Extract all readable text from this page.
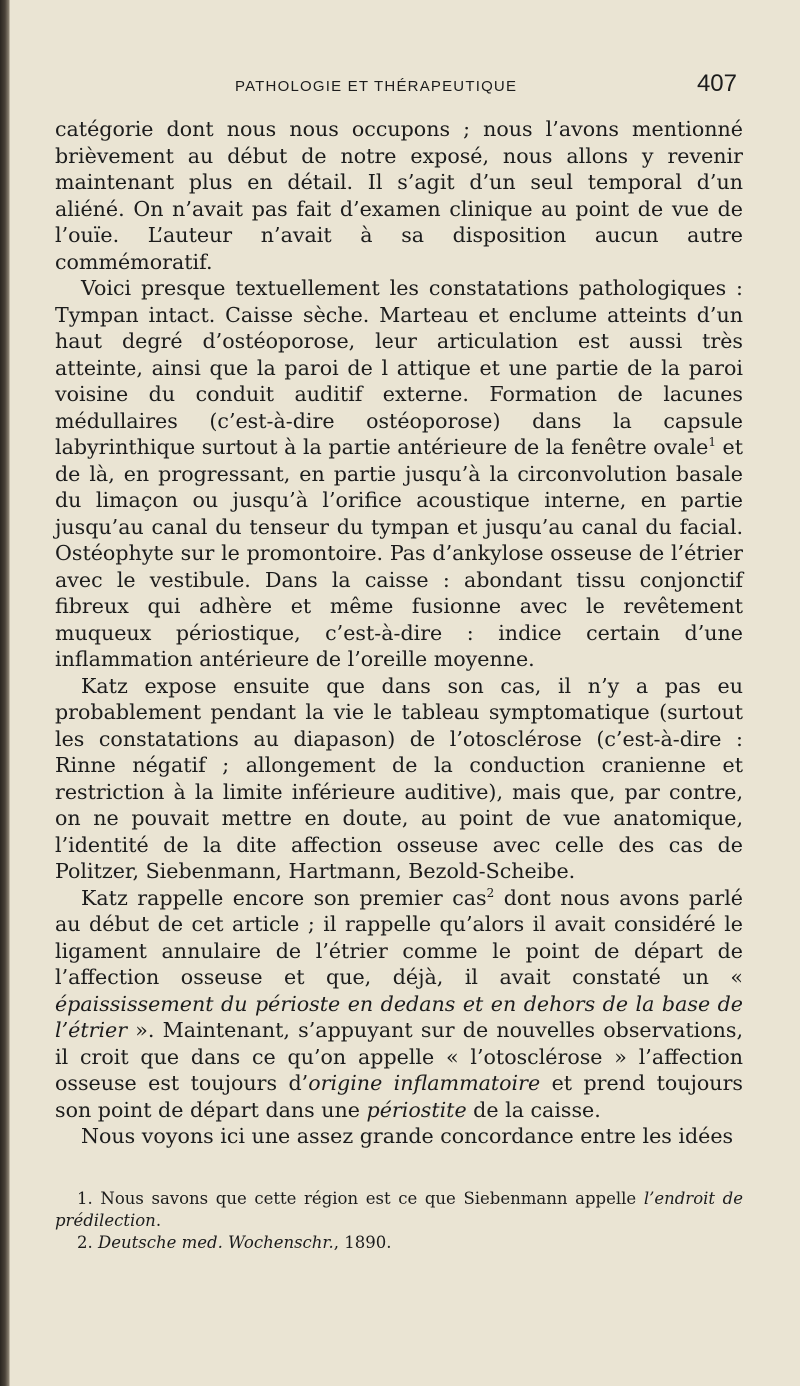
PATHOLOGIE ET THÉRAPEUTIQUE	407

catégorie dont nous nous occupons ; nous l’avons mentionné brièvement au début de notre exposé, nous allons y revenir maintenant plus en détail. Il s’agit d’un seul temporal d’un aliéné. On n’avait pas fait d’examen clinique au point de vue de l’ouïe. L’auteur n’avait à sa disposition aucun autre commémoratif.

Voici presque textuellement les constatations pathologiques : Tympan intact. Caisse sèche. Marteau et enclume atteints d’un haut degré d’ostéoporose, leur articulation est aussi très atteinte, ainsi que la paroi de l attique et une partie de la paroi voisine du conduit auditif externe. Formation de lacunes médullaires (c’est-à-dire ostéoporose) dans la capsule labyrinthique surtout à la partie antérieure de la fenêtre ovale$^1$ et de là, en progressant, en partie jusqu’à la circonvolution basale du limaçon ou jusqu’à l’orifice acoustique interne, en partie jusqu’au canal du tenseur du tympan et jusqu’au canal du facial. Ostéophyte sur le promontoire. Pas d’ankylose osseuse de l’étrier avec le vestibule. Dans la caisse : abondant tissu conjonctif fibreux qui adhère et même fusionne avec le revêtement muqueux périostique, c’est-à-dire : indice certain d’une inflammation antérieure de l’oreille moyenne.

Katz expose ensuite que dans son cas, il n’y a pas eu probablement pendant la vie le tableau symptomatique (surtout les constatations au diapason) de l’otosclérose (c’est-à-dire : Rinne négatif ; allongement de la conduction cranienne et restriction à la limite inférieure auditive), mais que, par contre, on ne pouvait mettre en doute, au point de vue anatomique, l’identité de la dite affection osseuse avec celle des cas de Politzer, Siebenmann, Hartmann, Bezold-Scheibe.

Katz rappelle encore son premier cas$^2$ dont nous avons parlé au début de cet article ; il rappelle qu’alors il avait considéré le ligament annulaire de l’étrier comme le point de départ de l’affection osseuse et que, déjà, il avait constaté un « épaississement du périoste en dedans et en dehors de la base de l’étrier ». Maintenant, s’appuyant sur de nouvelles observations, il croit que dans ce qu’on appelle « l’otosclérose » l’affection osseuse est toujours d’origine inflammatoire et prend toujours son point de départ dans une périostite de la caisse.

Nous voyons ici une assez grande concordance entre les idées

1. Nous savons que cette région est ce que Siebenmann appelle l’endroit de prédilection.

2. Deutsche med. Wochenschr., 1890.
